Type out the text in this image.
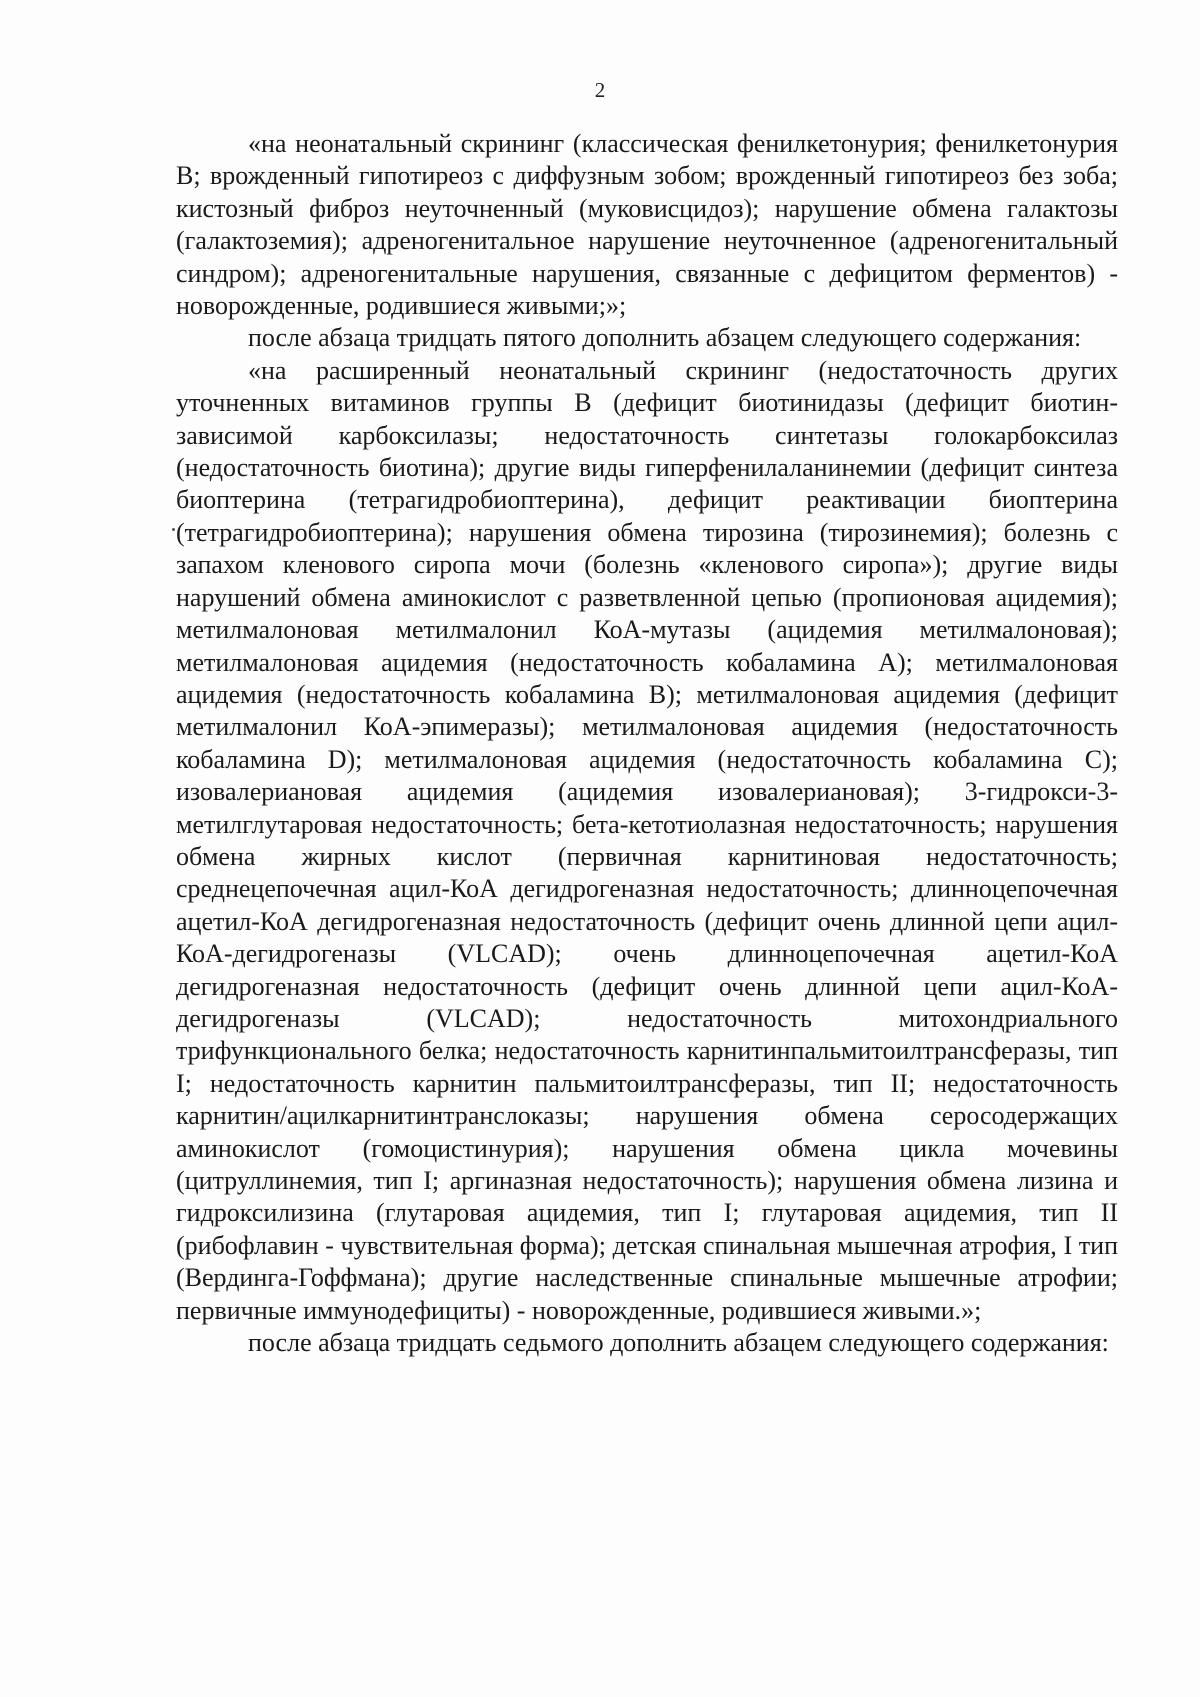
2

«на неонатальный скрининг (классическая фенилкетонурия; фенилкетонурия В; врожденный гипотиреоз с диффузным зобом; врожденный гипотиреоз без зоба; кистозный фиброз неуточненный (муковисцидоз); нарушение обмена галактозы (галактоземия); адреногенитальное нарушение неуточненное (адреногенитальный синдром); адреногенитальные нарушения, связанные с дефицитом ферментов) - новорожденные, родившиеся живыми;»;

после абзаца тридцать пятого дополнить абзацем следующего содержания:

«на расширенный неонатальный скрининг (недостаточность других уточненных витаминов группы В (дефицит биотинидазы (дефицит биотин-зависимой карбоксилазы; недостаточность синтетазы голокарбоксилаз (недостаточность биотина); другие виды гиперфенилаланинемии (дефицит синтеза биоптерина (тетрагидробиоптерина), дефицит реактивации биоптерина (тетрагидробиоптерина); нарушения обмена тирозина (тирозинемия); болезнь с запахом кленового сиропа мочи (болезнь «кленового сиропа»); другие виды нарушений обмена аминокислот с разветвленной цепью (пропионовая ацидемия); метилмалоновая метилмалонил КоА-мутазы (ацидемия метилмалоновая); метилмалоновая ацидемия (недостаточность кобаламина А); метилмалоновая ацидемия (недостаточность кобаламина В); метилмалоновая ацидемия (дефицит метилмалонил КоА-эпимеразы); метилмалоновая ацидемия (недостаточность кобаламина D); метилмалоновая ацидемия (недостаточность кобаламина С); изовалериановая ацидемия (ацидемия изовалериановая); 3-гидрокси-3-метилглутаровая недостаточность; бета-кетотиолазная недостаточность; нарушения обмена жирных кислот (первичная карнитиновая недостаточность; среднецепочечная ацил-КоА дегидрогеназная недостаточность; длинноцепочечная ацетил-КоА дегидрогеназная недостаточность (дефицит очень длинной цепи ацил-КоА-дегидрогеназы (VLCAD); очень длинноцепочечная ацетил-КоА дегидрогеназная недостаточность (дефицит очень длинной цепи ацил-КоА-дегидрогеназы (VLCAD); недостаточность митохондриального трифункционального белка; недостаточность карнитинпальмитоилтрансферазы, тип I; недостаточность карнитин пальмитоилтрансферазы, тип II; недостаточность карнитин/ацилкарнитинтранслоказы; нарушения обмена серосодержащих аминокислот (гомоцистинурия); нарушения обмена цикла мочевины (цитруллинемия, тип I; аргиназная недостаточность); нарушения обмена лизина и гидроксилизина (глутаровая ацидемия, тип I; глутаровая ацидемия, тип II (рибофлавин - чувствительная форма); детская спинальная мышечная атрофия, I тип (Вердинга-Гоффмана); другие наследственные спинальные мышечные атрофии; первичные иммунодефициты) - новорожденные, родившиеся живыми.»;

после абзаца тридцать седьмого дополнить абзацем следующего содержания:
